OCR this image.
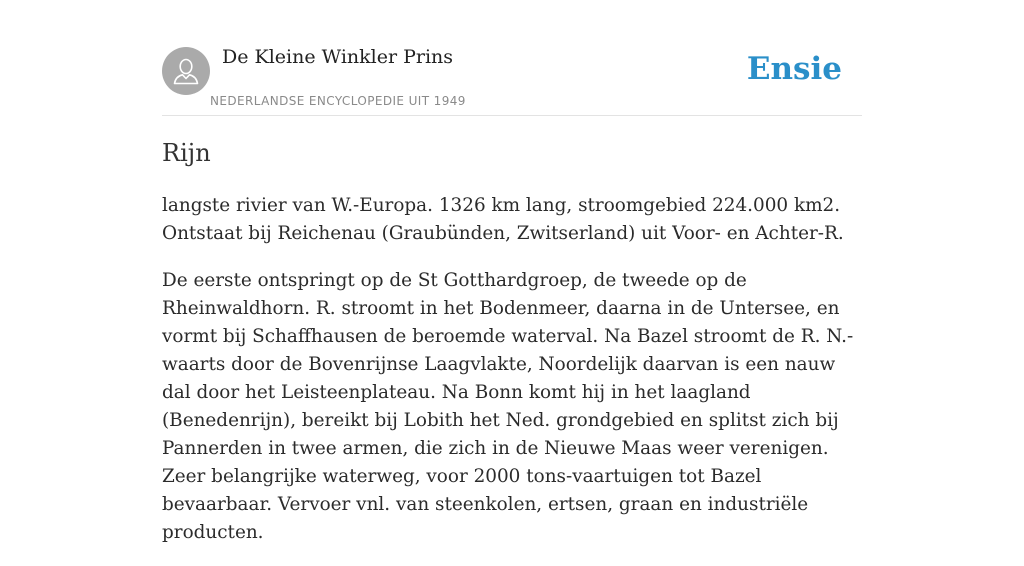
De Kleine Winkler Prins
NEDERLANDSE ENCYCLOPEDIE UIT 1949
Ensie
Rijn

langste rivier van W.-Europa. 1326 km lang, stroomgebied 224.000 km2. Ontstaat bij Reichenau (Graubünden, Zwitserland) uit Voor- en Achter-R.

De eerste ontspringt op de St Gotthardgroep, de tweede op de Rheinwaldhorn. R. stroomt in het Bodenmeer, daarna in de Untersee, en vormt bij Schaffhausen de beroemde waterval. Na Bazel stroomt de R. N.-waarts door de Bovenrijnse Laagvlakte, Noordelijk daarvan is een nauw dal door het Leisteenplateau. Na Bonn komt hij in het laagland (Benedenrijn), bereikt bij Lobith het Ned. grondgebied en splitst zich bij Pannerden in twee armen, die zich in de Nieuwe Maas weer verenigen. Zeer belangrijke waterweg, voor 2000 tons-vaartuigen tot Bazel bevaarbaar. Vervoer vnl. van steenkolen, ertsen, graan en industriële producten.
